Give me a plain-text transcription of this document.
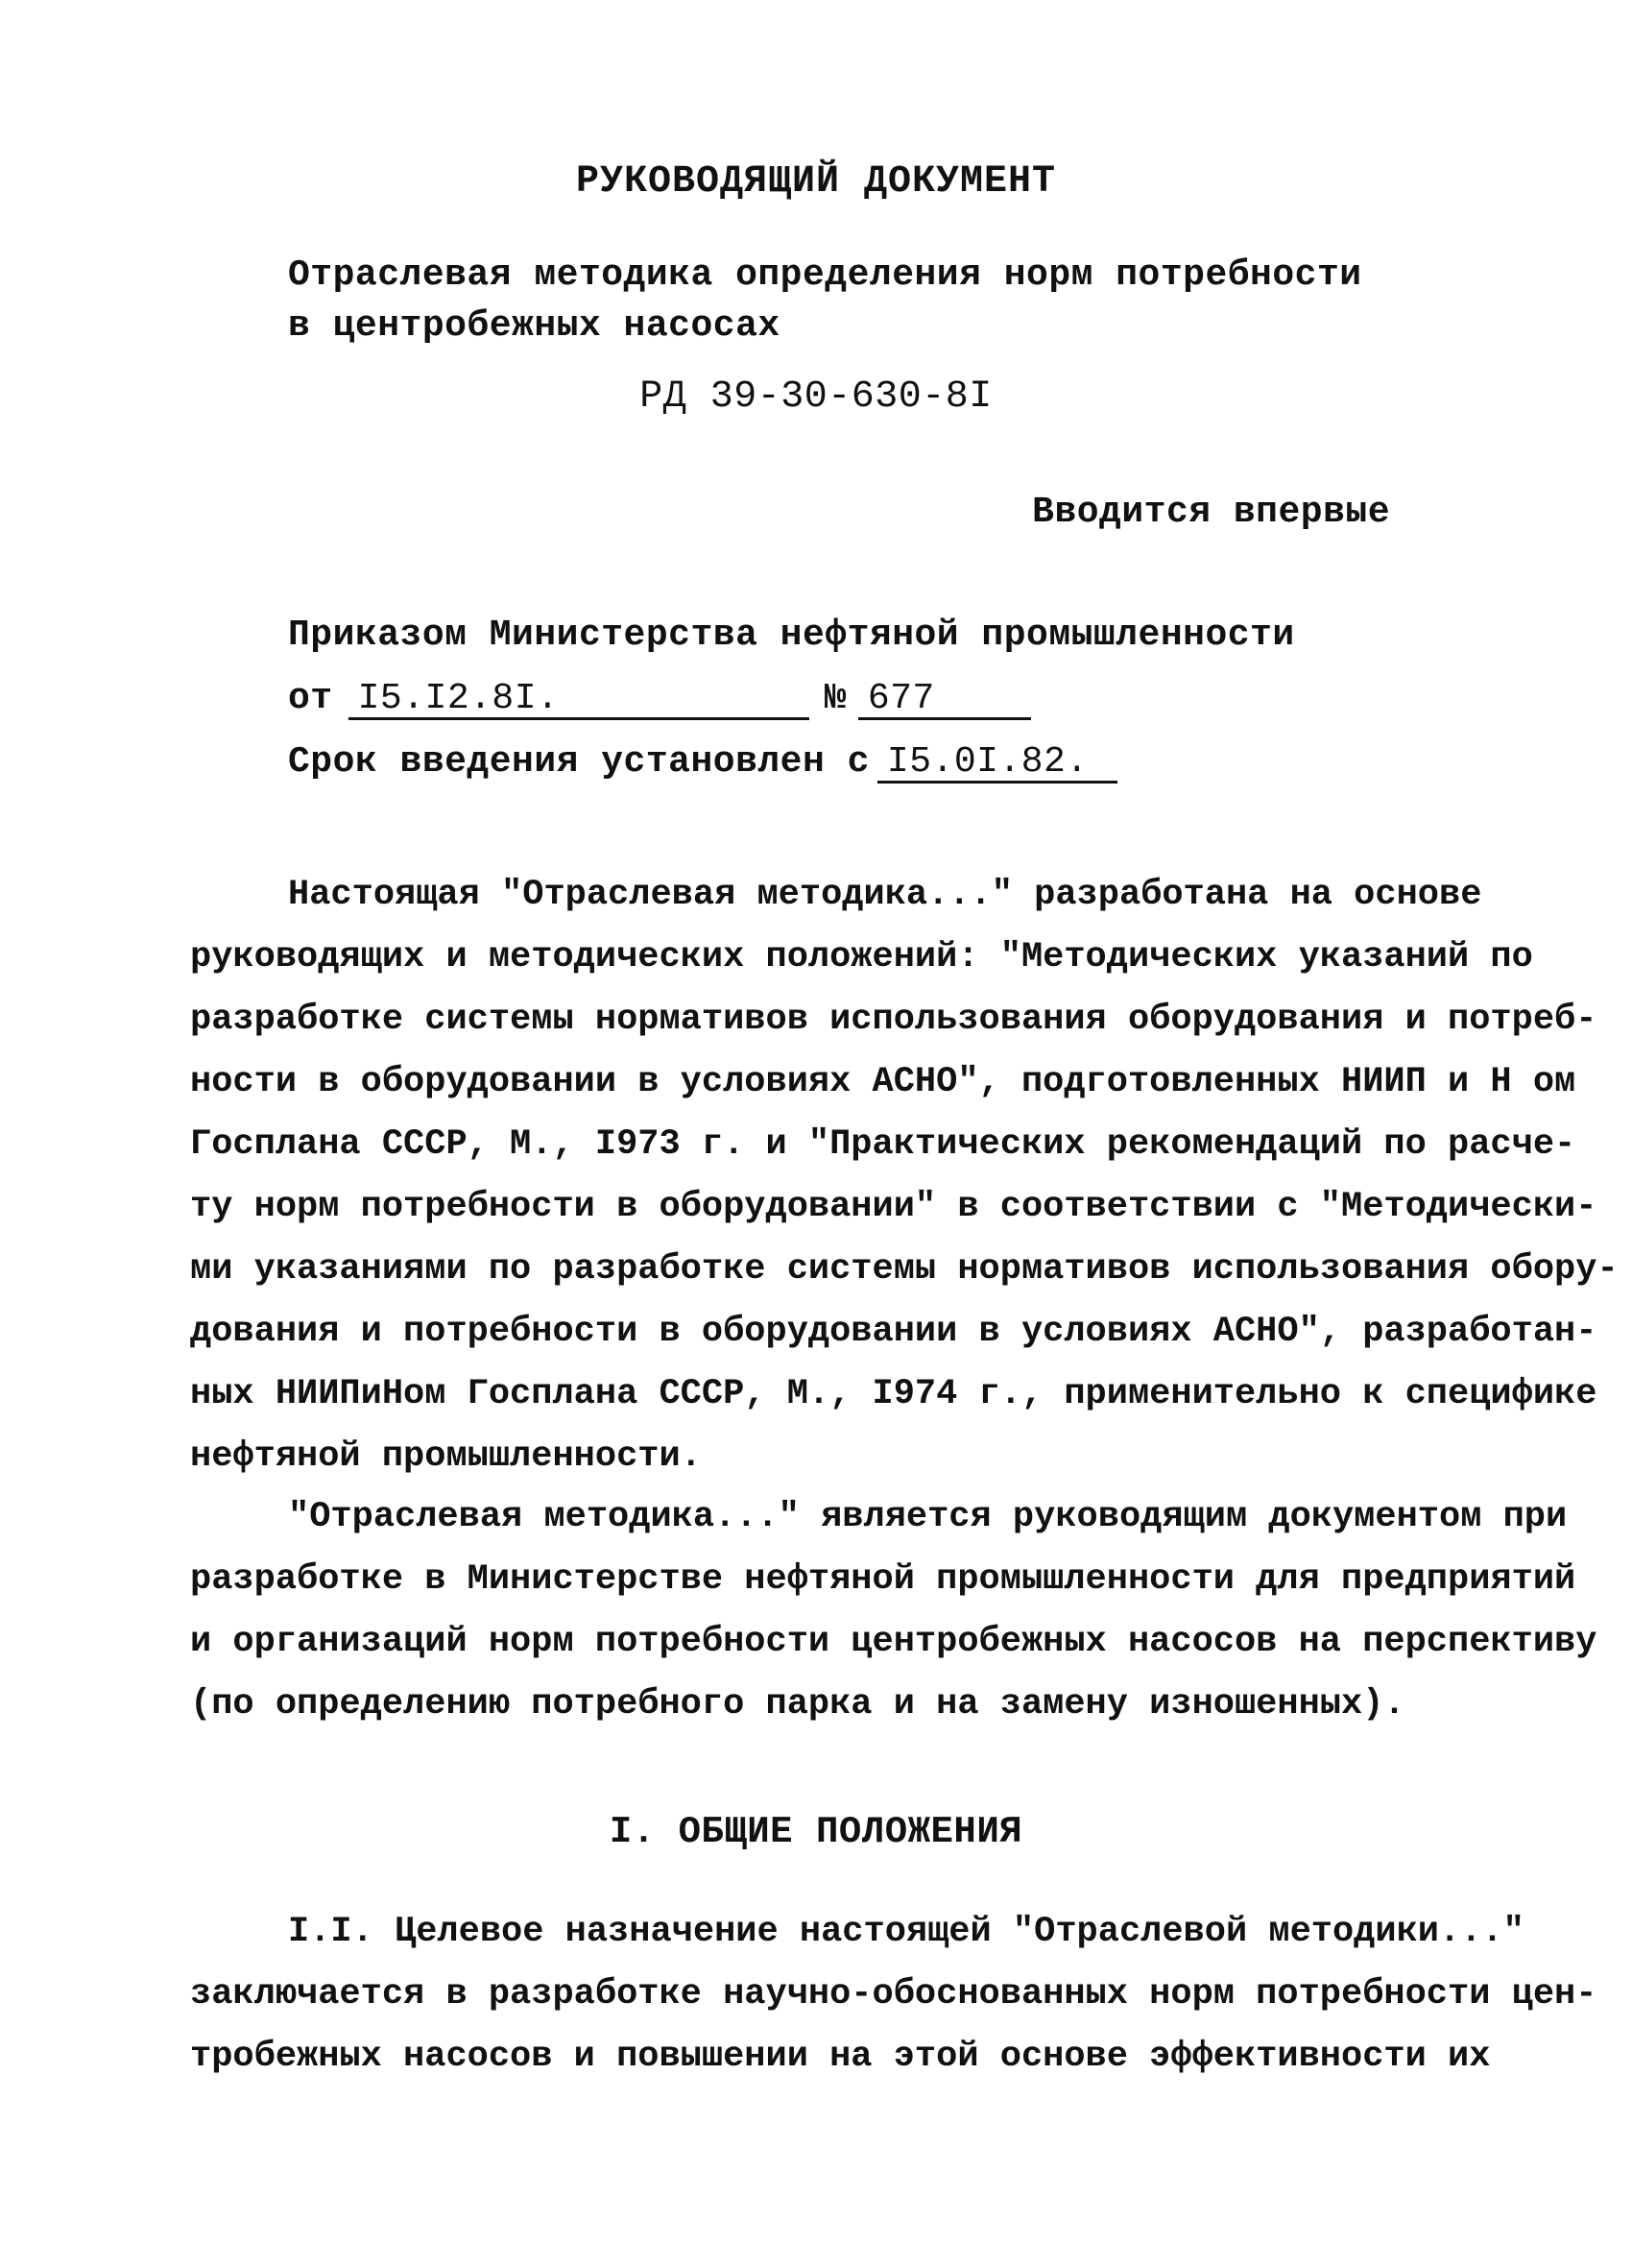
РУКОВОДЯЩИЙ ДОКУМЕНТ
Отраслевая методика определения норм потребности
в центробежных насосах
РД 39-30-630-8I
Вводится впервые
Приказом Министерства нефтяной промышленности
от I5.I2.8I.	№ 677
Срок введения установлен с I5.0I.82.
Настоящая "Отраслевая методика..." разработана на основе
руководящих и методических положений: "Методических указаний по
разработке системы нормативов использования оборудования и потреб-
ности в оборудовании в условиях АСНО", подготовленных НИИП и Н ом
Госплана СССР, М., I973 г. и "Практических рекомендаций по расче-
ту норм потребности в оборудовании" в соответствии с "Методически-
ми указаниями по разработке системы нормативов использования обору-
дования и потребности в оборудовании в условиях АСНО", разработан-
ных НИИПиНом Госплана СССР, М., I974 г., применительно к специфике
нефтяной промышленности.
"Отраслевая методика..." является руководящим документом при
разработке в Министерстве нефтяной промышленности для предприятий
и организаций норм потребности центробежных насосов на перспективу
(по определению потребного парка и на замену изношенных).
I. ОБЩИЕ ПОЛОЖЕНИЯ
I.I. Целевое назначение настоящей "Отраслевой методики..."
заключается в разработке научно-обоснованных норм потребности цен-
тробежных насосов и повышении на этой основе эффективности их
